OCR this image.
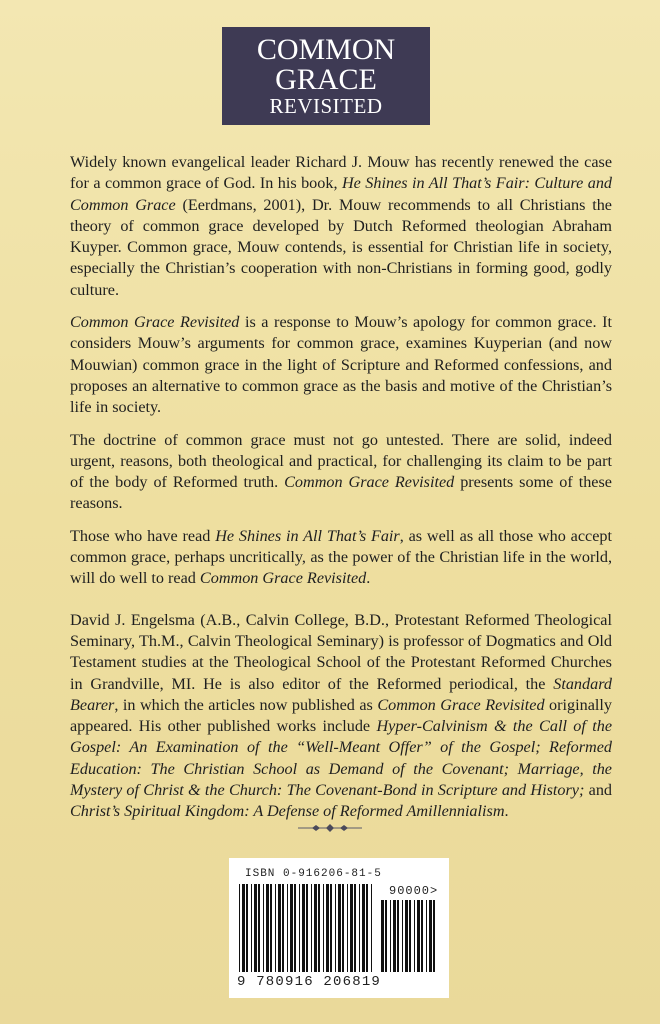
COMMON
GRACE
REVISITED

Widely known evangelical leader Richard J. Mouw has recently renewed the case for a common grace of God. In his book, He Shines in All That’s Fair: Culture and Common Grace (Eerdmans, 2001), Dr. Mouw recommends to all Christians the theory of common grace developed by Dutch Reformed theologian Abraham Kuyper. Common grace, Mouw contends, is essential for Christian life in society, especially the Christian’s cooperation with non-Christians in forming good, godly culture.

Common Grace Revisited is a response to Mouw’s apology for common grace. It considers Mouw’s arguments for common grace, examines Kuyperian (and now Mouwian) common grace in the light of Scripture and Reformed confessions, and proposes an alternative to common grace as the basis and motive of the Christian’s life in society.

The doctrine of common grace must not go untested. There are solid, indeed urgent, reasons, both theological and practical, for challenging its claim to be part of the body of Reformed truth. Common Grace Revisited presents some of these reasons.

Those who have read He Shines in All That’s Fair, as well as all those who accept common grace, perhaps uncritically, as the power of the Christian life in the world, will do well to read Common Grace Revisited.

David J. Engelsma (A.B., Calvin College, B.D., Protestant Reformed Theological Seminary, Th.M., Calvin Theological Seminary) is professor of Dogmatics and Old Testament studies at the Theological School of the Protestant Reformed Churches in Grandville, MI. He is also editor of the Reformed periodical, the Standard Bearer, in which the articles now published as Common Grace Revisited originally appeared. His other published works include Hyper-Calvinism & the Call of the Gospel: An Examination of the “Well-Meant Offer” of the Gospel; Reformed Education: The Christian School as Demand of the Covenant; Marriage, the Mystery of Christ & the Church: The Covenant-Bond in Scripture and History; and Christ’s Spiritual Kingdom: A Defense of Reformed Amillennialism.

ISBN 0-916206-81-5
90000>
9 780916 206819
